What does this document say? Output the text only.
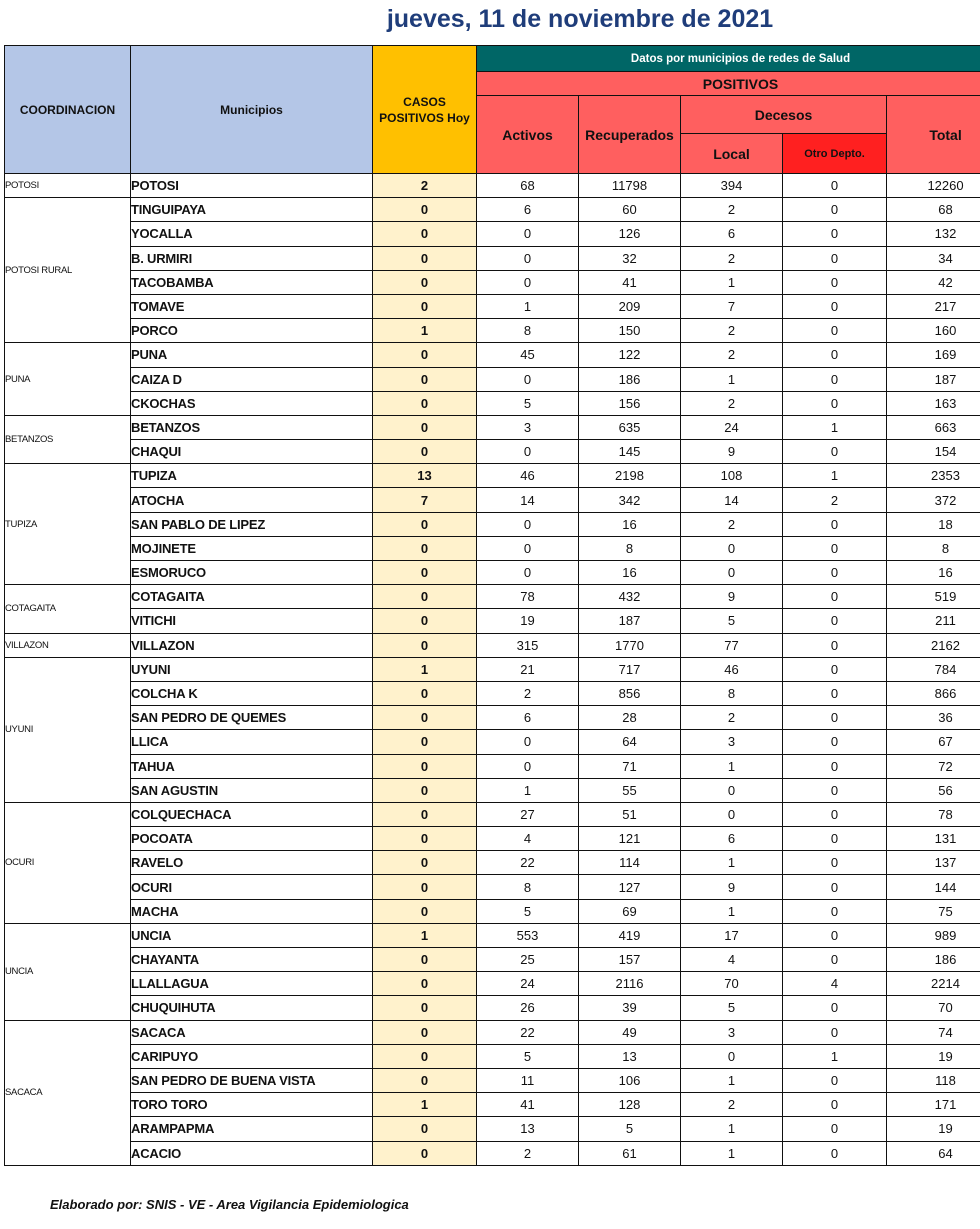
jueves, 11 de noviembre de 2021
COORDINACION	Municipios	CASOS POSITIVOS Hoy	Datos por municipios de redes de Salud				
			POSITIVOS				
			Activos	Recuperados	Decesos		Total
					Local	Otro Depto.	
POTOSI	POTOSI	2	68	11798	394	0	12260
POTOSI RURAL	TINGUIPAYA	0	6	60	2	0	68
	YOCALLA	0	0	126	6	0	132
	B. URMIRI	0	0	32	2	0	34
	TACOBAMBA	0	0	41	1	0	42
	TOMAVE	0	1	209	7	0	217
	PORCO	1	8	150	2	0	160
PUNA	PUNA	0	45	122	2	0	169
	CAIZA D	0	0	186	1	0	187
	CKOCHAS	0	5	156	2	0	163
BETANZOS	BETANZOS	0	3	635	24	1	663
	CHAQUI	0	0	145	9	0	154
TUPIZA	TUPIZA	13	46	2198	108	1	2353
	ATOCHA	7	14	342	14	2	372
	SAN PABLO DE LIPEZ	0	0	16	2	0	18
	MOJINETE	0	0	8	0	0	8
	ESMORUCO	0	0	16	0	0	16
COTAGAITA	COTAGAITA	0	78	432	9	0	519
	VITICHI	0	19	187	5	0	211
VILLAZON	VILLAZON	0	315	1770	77	0	2162
UYUNI	UYUNI	1	21	717	46	0	784
	COLCHA K	0	2	856	8	0	866
	SAN PEDRO DE QUEMES	0	6	28	2	0	36
	LLICA	0	0	64	3	0	67
	TAHUA	0	0	71	1	0	72
	SAN AGUSTIN	0	1	55	0	0	56
OCURI	COLQUECHACA	0	27	51	0	0	78
	POCOATA	0	4	121	6	0	131
	RAVELO	0	22	114	1	0	137
	OCURI	0	8	127	9	0	144
	MACHA	0	5	69	1	0	75
UNCIA	UNCIA	1	553	419	17	0	989
	CHAYANTA	0	25	157	4	0	186
	LLALLAGUA	0	24	2116	70	4	2214
	CHUQUIHUTA	0	26	39	5	0	70
SACACA	SACACA	0	22	49	3	0	74
	CARIPUYO	0	5	13	0	1	19
	SAN PEDRO DE BUENA VISTA	0	11	106	1	0	118
	TORO TORO	1	41	128	2	0	171
	ARAMPAPMA	0	13	5	1	0	19
	ACACIO	0	2	61	1	0	64
Elaborado por: SNIS - VE - Area Vigilancia Epidemiologica
